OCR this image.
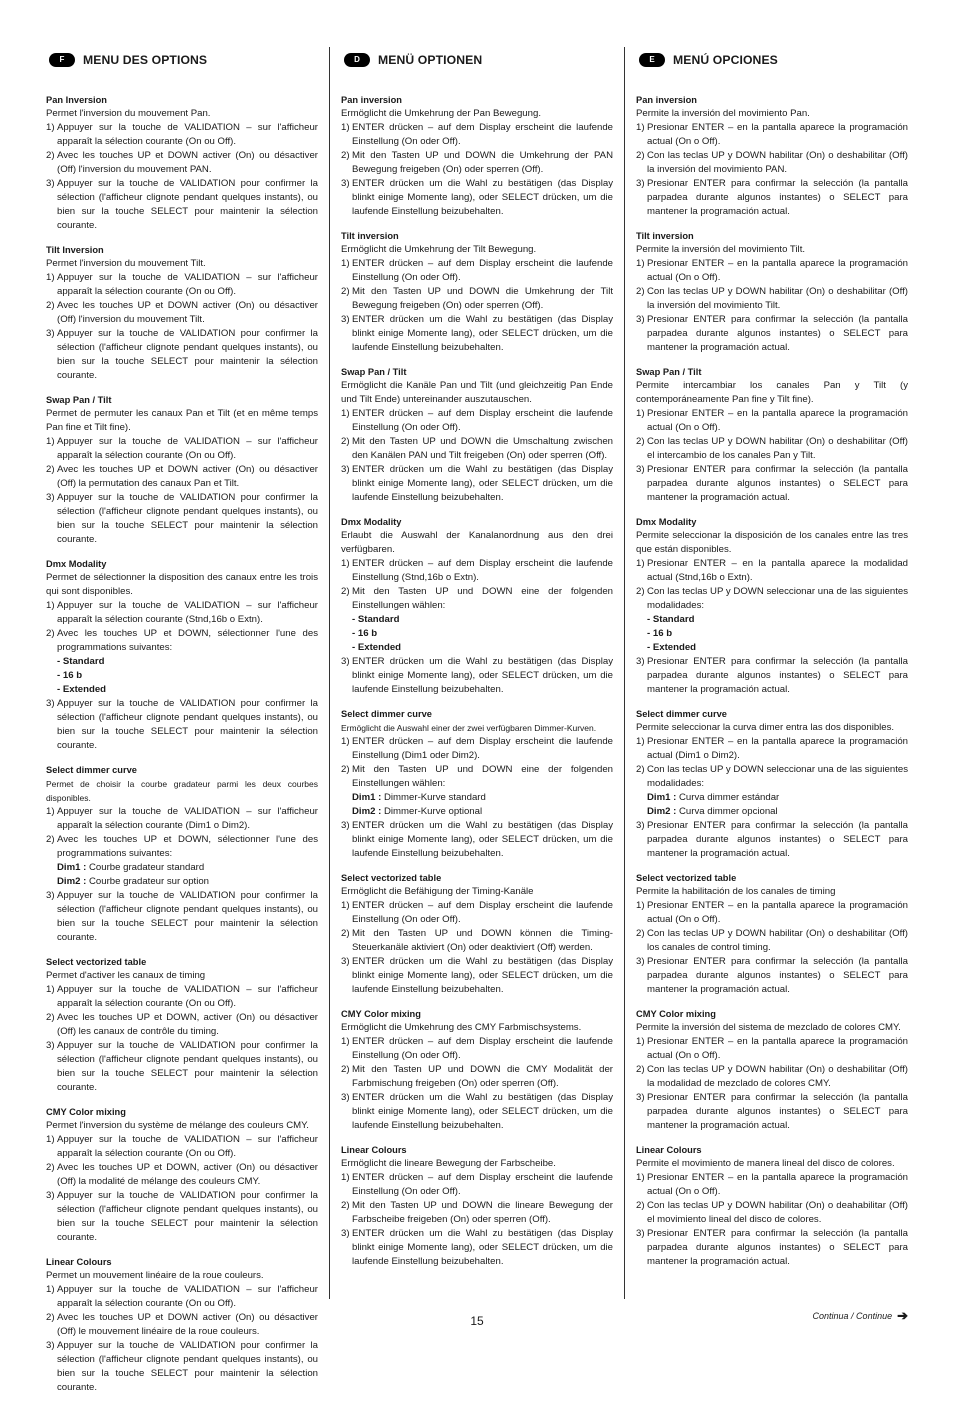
F	MENU DES OPTIONS
Pan Inversion
Permet l'inversion du mouvement Pan.
1) Appuyer sur la touche de VALIDATION – sur l'afficheur apparaît la sélection courante (On ou Off).
2) Avec les touches UP et DOWN activer (On) ou désactiver (Off) l'inversion du mouvement PAN.
3) Appuyer sur la touche de VALIDATION pour confirmer la sélection (l'afficheur clignote pendant quelques instants), ou bien sur la touche SELECT pour maintenir la sélection courante.
Tilt Inversion
Permet l'inversion du mouvement Tilt.
1) Appuyer sur la touche de VALIDATION – sur l'afficheur apparaît la sélection courante (On ou Off).
2) Avec les touches UP et DOWN activer (On) ou désactiver (Off) l'inversion du mouvement Tilt.
3) Appuyer sur la touche de VALIDATION pour confirmer la sélection (l'afficheur clignote pendant quelques instants), ou bien sur la touche SELECT pour maintenir la sélection courante.
Swap Pan / Tilt
Permet de permuter les canaux Pan et Tilt (et en même temps Pan fine et Tilt fine).
1) Appuyer sur la touche de VALIDATION – sur l'afficheur apparaît la sélection courante (On ou Off).
2) Avec les touches UP et DOWN activer (On) ou désactiver (Off) la permutation des canaux Pan et Tilt.
3) Appuyer sur la touche de VALIDATION pour confirmer la sélection (l'afficheur clignote pendant quelques instants), ou bien sur la touche SELECT pour maintenir la sélection courante.
Dmx Modality
Permet de sélectionner la disposition des canaux entre les trois qui sont disponibles.
1) Appuyer sur la touche de VALIDATION – sur l'afficheur apparaît la sélection courante (Stnd,16b o Extn).
2) Avec les touches UP et DOWN, sélectionner l'une des programmations suivantes:
- Standard
- 16 b
- Extended
3) Appuyer sur la touche de VALIDATION pour confirmer la sélection (l'afficheur clignote pendant quelques instants), ou bien sur la touche SELECT pour maintenir la sélection courante.
Select dimmer curve
Permet de choisir la courbe gradateur parmi les deux courbes disponibles.
1) Appuyer sur la touche de VALIDATION – sur l'afficheur apparaît la sélection courante (Dim1 o Dim2).
2) Avec les touches UP et DOWN, sélectionner l'une des programmations suivantes:
Dim1 : Courbe gradateur standard
Dim2 : Courbe gradateur sur option
3) Appuyer sur la touche de VALIDATION pour confirmer la sélection (l'afficheur clignote pendant quelques instants), ou bien sur la touche SELECT pour maintenir la sélection courante.
Select vectorized table
Permet d'activer les canaux de timing
1) Appuyer sur la touche de VALIDATION – sur l'afficheur apparaît la sélection courante (On ou Off).
2) Avec les touches UP et DOWN, activer (On) ou désactiver (Off) les canaux de contrôle du timing.
3) Appuyer sur la touche de VALIDATION pour confirmer la sélection (l'afficheur clignote pendant quelques instants), ou bien sur la touche SELECT pour maintenir la sélection courante.
CMY Color mixing
Permet l'inversion du système de mélange des couleurs CMY.
1) Appuyer sur la touche de VALIDATION – sur l'afficheur apparaît la sélection courante (On ou Off).
2) Avec les touches UP et DOWN, activer (On) ou désactiver (Off) la modalité de mélange des couleurs CMY.
3) Appuyer sur la touche de VALIDATION pour confirmer la sélection (l'afficheur clignote pendant quelques instants), ou bien sur la touche SELECT pour maintenir la sélection courante.
Linear Colours
Permet un mouvement linéaire de la roue couleurs.
1) Appuyer sur la touche de VALIDATION – sur l'afficheur apparaît la sélection courante (On ou Off).
2) Avec les touches UP et DOWN activer (On) ou désactiver (Off) le mouvement linéaire de la roue couleurs.
3) Appuyer sur la touche de VALIDATION pour confirmer la sélection (l'afficheur clignote pendant quelques instants), ou bien sur la touche SELECT pour maintenir la sélection courante.
D	MENÜ OPTIONEN
Pan inversion
Ermöglicht die Umkehrung der Pan Bewegung.
1) ENTER drücken – auf dem Display erscheint die laufende Einstellung (On oder Off).
2) Mit den Tasten UP und DOWN die Umkehrung der PAN Bewegung freigeben (On) oder sperren (Off).
3) ENTER drücken um die Wahl zu bestätigen (das Display blinkt einige Momente lang), oder SELECT drücken, um die laufende Einstellung beizubehalten.
Tilt inversion
Ermöglicht die Umkehrung der Tilt Bewegung.
1) ENTER drücken – auf dem Display erscheint die laufende Einstellung (On oder Off).
2) Mit den Tasten UP und DOWN die Umkehrung der Tilt Bewegung freigeben (On) oder sperren (Off).
3) ENTER drücken um die Wahl zu bestätigen (das Display blinkt einige Momente lang), oder SELECT drücken, um die laufende Einstellung beizubehalten.
Swap Pan / Tilt
Ermöglicht die Kanäle Pan und Tilt (und gleichzeitig Pan Ende und Tilt Ende) untereinander auszutauschen.
1) ENTER drücken – auf dem Display erscheint die laufende Einstellung (On oder Off).
2) Mit den Tasten UP und DOWN die Umschaltung zwischen den Kanälen PAN und Tilt freigeben (On) oder sperren (Off).
3) ENTER drücken um die Wahl zu bestätigen (das Display blinkt einige Momente lang), oder SELECT drücken, um die laufende Einstellung beizubehalten.
Dmx Modality
Erlaubt die Auswahl der Kanalanordnung aus den drei verfügbaren.
1) ENTER drücken – auf dem Display erscheint die laufende Einstellung (Stnd,16b o Extn).
2) Mit den Tasten UP und DOWN eine der folgenden Einstellungen wählen:
- Standard
- 16 b
- Extended
3) ENTER drücken um die Wahl zu bestätigen (das Display blinkt einige Momente lang), oder SELECT drücken, um die laufende Einstellung beizubehalten.
Select dimmer curve
Ermöglicht die Auswahl einer der zwei verfügbaren Dimmer-Kurven.
1) ENTER drücken – auf dem Display erscheint die laufende Einstellung (Dim1 oder Dim2).
2) Mit den Tasten UP und DOWN eine der folgenden Einstellungen wählen:
Dim1 : Dimmer-Kurve standard
Dim2 : Dimmer-Kurve optional
3) ENTER drücken um die Wahl zu bestätigen (das Display blinkt einige Momente lang), oder SELECT drücken, um die laufende Einstellung beizubehalten.
Select vectorized table
Ermöglicht die Befähigung der Timing-Kanäle
1) ENTER drücken – auf dem Display erscheint die laufende Einstellung (On oder Off).
2) Mit den Tasten UP und DOWN können die Timing-Steuerkanäle aktiviert (On) oder deaktiviert (Off) werden.
3) ENTER drücken um die Wahl zu bestätigen (das Display blinkt einige Momente lang), oder SELECT drücken, um die laufende Einstellung beizubehalten.
CMY Color mixing
Ermöglicht die Umkehrung des CMY Farbmischsystems.
1) ENTER drücken – auf dem Display erscheint die laufende Einstellung (On oder Off).
2) Mit den Tasten UP und DOWN die CMY Modalität der Farbmischung freigeben (On) oder sperren (Off).
3) ENTER drücken um die Wahl zu bestätigen (das Display blinkt einige Momente lang), oder SELECT drücken, um die laufende Einstellung beizubehalten.
Linear Colours
Ermöglicht die lineare Bewegung der Farbscheibe.
1) ENTER drücken – auf dem Display erscheint die laufende Einstellung (On oder Off).
2) Mit den Tasten UP und DOWN die lineare Bewegung der Farbscheibe freigeben (On) oder sperren (Off).
3) ENTER drücken um die Wahl zu bestätigen (das Display blinkt einige Momente lang), oder SELECT drücken, um die laufende Einstellung beizubehalten.
E	MENÚ OPCIONES
Pan inversion
Permite la inversión del movimiento Pan.
1) Presionar ENTER – en la pantalla aparece la programación actual (On o Off).
2) Con las teclas UP y DOWN habilitar (On) o deshabilitar (Off) la inversión del movimiento PAN.
3) Presionar ENTER para confirmar la selección (la pantalla parpadea durante algunos instantes) o SELECT para mantener la programación actual.
Tilt inversion
Permite la inversión del movimiento Tilt.
1) Presionar ENTER – en la pantalla aparece la programación actual (On o Off).
2) Con las teclas UP y DOWN habilitar (On) o deshabilitar (Off) la inversión del movimiento Tilt.
3) Presionar ENTER para confirmar la selección (la pantalla parpadea durante algunos instantes) o SELECT para mantener la programación actual.
Swap Pan / Tilt
Permite intercambiar los canales Pan y Tilt (y contemporáneamente Pan fine y Tilt fine).
1) Presionar ENTER – en la pantalla aparece la programación actual (On o Off).
2) Con las teclas UP y DOWN habilitar (On) o deshabilitar (Off) el intercambio de los canales Pan y Tilt.
3) Presionar ENTER para confirmar la selección (la pantalla parpadea durante algunos instantes) o SELECT para mantener la programación actual.
Dmx Modality
Permite seleccionar la disposición de los canales entre las tres que están disponibles.
1) Presionar ENTER – en la pantalla aparece la modalidad actual (Stnd,16b o Extn).
2) Con las teclas UP y DOWN seleccionar una de las siguientes modalidades:
- Standard
- 16 b
- Extended
3) Presionar ENTER para confirmar la selección (la pantalla parpadea durante algunos instantes) o SELECT para mantener la programación actual.
Select dimmer curve
Permite seleccionar la curva dimer entra las dos disponibles.
1) Presionar ENTER – en la pantalla aparece la programación actual (Dim1 o Dim2).
2) Con las teclas UP y DOWN seleccionar una de las siguientes modalidades:
Dim1 : Curva dimmer estándar
Dim2 : Curva dimmer opcional
3) Presionar ENTER para confirmar la selección (la pantalla parpadea durante algunos instantes) o SELECT para mantener la programación actual.
Select vectorized table
Permite la habilitación de los canales de timing
1) Presionar ENTER – en la pantalla aparece la programación actual (On o Off).
2) Con las teclas UP y DOWN habilitar (On) o deshabilitar (Off) los canales de control timing.
3) Presionar ENTER para confirmar la selección (la pantalla parpadea durante algunos instantes) o SELECT para mantener la programación actual.
CMY Color mixing
Permite la inversión del sistema de mezclado de colores CMY.
1) Presionar ENTER – en la pantalla aparece la programación actual (On o Off).
2) Con las teclas UP y DOWN habilitar (On) o deshabilitar (Off) la modalidad de mezclado de colores CMY.
3) Presionar ENTER para confirmar la selección (la pantalla parpadea durante algunos instantes) o SELECT para mantener la programación actual.
Linear Colours
Permite el movimiento de manera lineal del disco de colores.
1) Presionar ENTER – en la pantalla aparece la programación actual (On o Off).
2) Con las teclas UP y DOWN habilitar (On) o deahabilitar (Off) el movimiento lineal del disco de colores.
3) Presionar ENTER para confirmar la selección (la pantalla parpadea durante algunos instantes) o SELECT para mantener la programación actual.
15	Continua / Continue ➔
